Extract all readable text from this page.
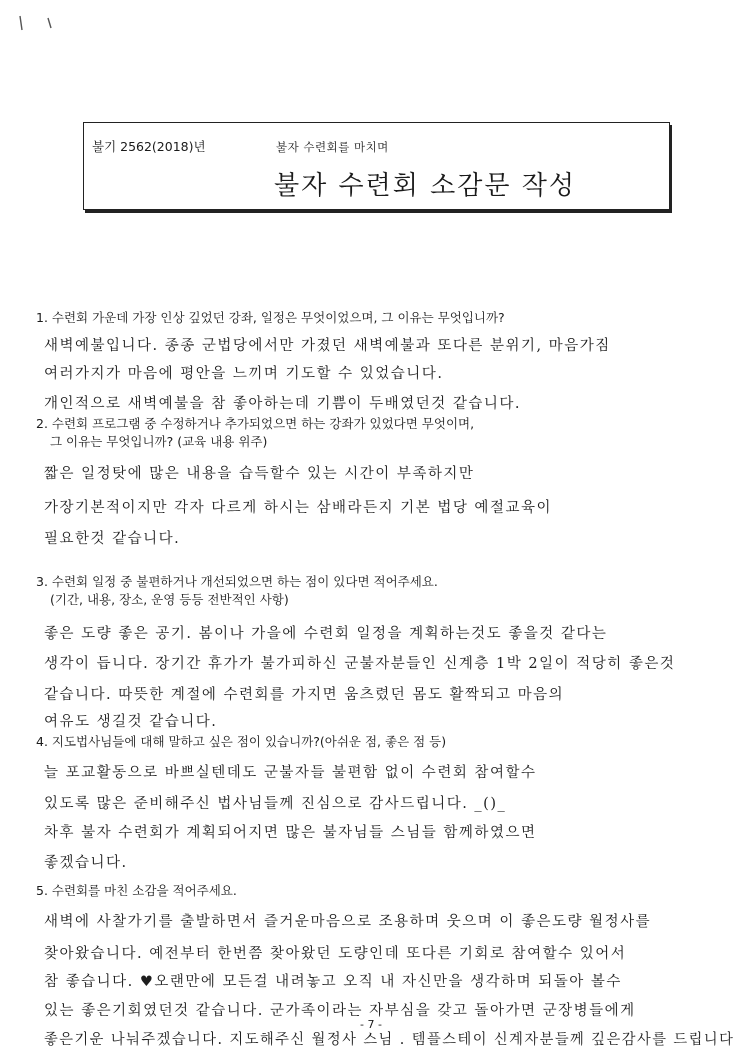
불기 2562(2018)년	불자 수련회를 마치며
불자 수련회 소감문 작성
1. 수련회 가운데 가장 인상 깊었던 강좌, 일정은 무엇이었으며, 그 이유는 무엇입니까?
새벽예불입니다. 종종 군법당에서만 가졌던 새벽예불과 또다른 분위기, 마음가짐
여러가지가 마음에 평안을 느끼며 기도할 수 있었습니다.
개인적으로 새벽예불을 참 좋아하는데 기쁨이 두배였던것 같습니다.
2. 수련회 프로그램 중 수정하거나 추가되었으면 하는 강좌가 있었다면 무엇이며,
그 이유는 무엇입니까? (교육 내용 위주)
짧은 일정탓에 많은 내용을 습득할수 있는 시간이 부족하지만
가장기본적이지만 각자 다르게 하시는 삼배라든지 기본 법당 예절교육이
필요한것 같습니다.
3. 수련회 일정 중 불편하거나 개선되었으면 하는 점이 있다면 적어주세요.
(기간, 내용, 장소, 운영 등등 전반적인 사항)
좋은 도량 좋은 공기. 봄이나 가을에 수련회 일정을 계획하는것도 좋을것 같다는
생각이 듭니다. 장기간 휴가가 불가피하신 군불자분들인 신계층 1박 2일이 적당히 좋은것
같습니다. 따뜻한 계절에 수련회를 가지면 움츠렸던 몸도 활짝되고 마음의
여유도 생길것 같습니다.
4. 지도법사님들에 대해 말하고 싶은 점이 있습니까?(아쉬운 점, 좋은 점 등)
늘 포교활동으로 바쁘실텐데도 군불자들 불편함 없이 수련회 참여할수
있도록 많은 준비해주신 법사님들께 진심으로 감사드립니다. _()_
차후 불자 수련회가 계획되어지면 많은 불자님들 스님들 함께하였으면
좋겠습니다.
5. 수련회를 마친 소감을 적어주세요.
새벽에 사찰가기를 출발하면서 즐거운마음으로 조용하며 웃으며 이 좋은도량 월정사를
찾아왔습니다. 예전부터 한번쯤 찾아왔던 도량인데 또다른 기회로 참여할수 있어서
참 좋습니다. ♥오랜만에 모든걸 내려놓고 오직 내 자신만을 생각하며 되돌아 볼수
있는 좋은기회였던것 같습니다. 군가족이라는 자부심을 갖고 돌아가면 군장병들에게
좋은기운 나눠주겠습니다. 지도해주신 월정사 스님 . 템플스테이 신계자분들께 깊은감사를 드립니다
- 7 -
